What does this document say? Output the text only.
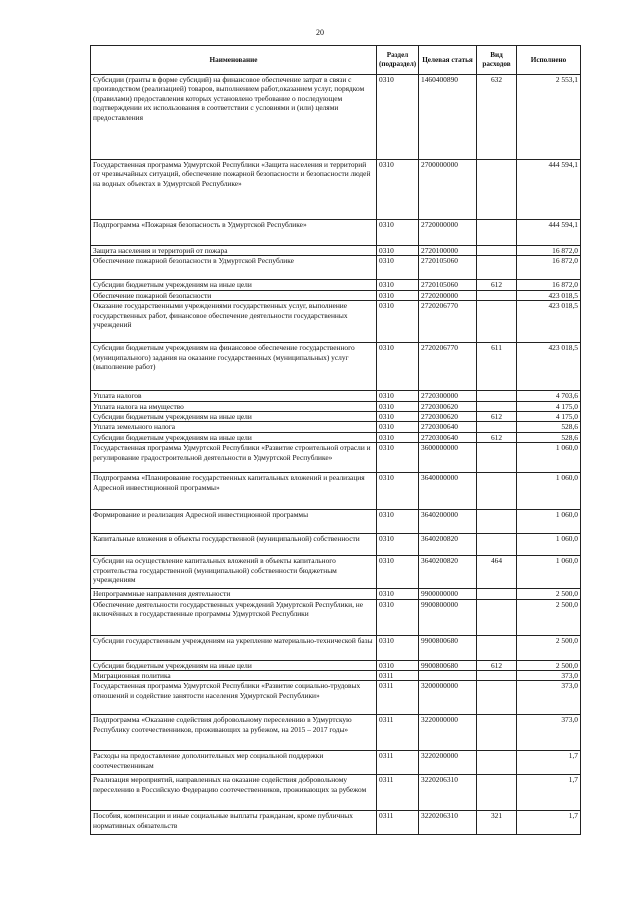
20
Наименование	Раздел (подраздел)	Целевая статья	Вид расходов	Исполнено
Субсидии (гранты в форме субсидий) на финансовое обеспечение затрат в связи с производством (реализацией) товаров, выполнением работ,оказанием услуг, порядком (правилами) предоставления которых установлено требование о последующем подтверждении их использования в соответствии с условиями и (или) целями предоставления	0310	1460400890	632	2 553,1
Государственная программа Удмуртской Республики «Защита населения и территорий от чрезвычайных ситуаций, обеспечение пожарной безопасности и безопасности людей на водных объектах в Удмуртской Республике»	0310	2700000000		444 594,1
Подпрограмма «Пожарная безопасность в Удмуртской Республике»	0310	2720000000		444 594,1
Защита населения и территорий от пожара	0310	2720100000		16 872,0
Обеспечение пожарной безопасности в Удмуртской Республике	0310	2720105060		16 872,0
Субсидии бюджетным учреждениям на иные цели	0310	2720105060	612	16 872,0
Обеспечение пожарной безопасности	0310	2720200000		423 018,5
Оказание государственными учреждениями государственных услуг, выполнение государственных работ, финансовое обеспечение деятельности государственных учреждений	0310	2720206770		423 018,5
Субсидии бюджетным учреждениям на финансовое обеспечение государственного (муниципального) задания на оказание государственных (муниципальных) услуг (выполнение работ)	0310	2720206770	611	423 018,5
Уплата налогов	0310	2720300000		4 703,6
Уплата налога на имущество	0310	2720300620		4 175,0
Субсидии бюджетным учреждениям на иные цели	0310	2720300620	612	4 175,0
Уплата земельного налога	0310	2720300640		528,6
Субсидии бюджетным учреждениям на иные цели	0310	2720300640	612	528,6
Государственная программа Удмуртской Республики «Развитие строительной отрасли и регулирование градостроительной деятельности в Удмуртской Республике»	0310	3600000000		1 060,0
Подпрограмма «Планирование государственных капитальных вложений и реализация Адресной инвестиционной программы»	0310	3640000000		1 060,0
Формирование и реализация Адресной инвестиционной программы	0310	3640200000		1 060,0
Капитальные вложения в объекты государственной (муниципальной) собственности	0310	3640200820		1 060,0
Субсидии на осуществление капитальных вложений в объекты капитального строительства государственной (муниципальной) собственности бюджетным учреждениям	0310	3640200820	464	1 060,0
Непрограммные направления деятельности	0310	9900000000		2 500,0
Обеспечение деятельности государственных учреждений Удмуртской Республики, не включённых в государственные программы Удмуртской Республики	0310	9900800000		2 500,0
Субсидии государственным учреждениям на укрепление материально-технической базы	0310	9900800680		2 500,0
Субсидии бюджетным учреждениям на иные цели	0310	9900800680	612	2 500,0
Миграционная политика	0311			373,0
Государственная программа Удмуртской Республики «Развитие социально-трудовых отношений и содействие занятости населения Удмуртской Республики»	0311	3200000000		373,0
Подпрограмма «Оказание содействия добровольному переселению в Удмуртскую Республику соотечественников, проживающих за рубежом, на 2015 – 2017 годы»	0311	3220000000		373,0
Расходы на предоставление дополнительных мер социальной поддержки соотечественникам	0311	3220200000		1,7
Реализация мероприятий, направленных на оказание содействия добровольному переселению в Российскую Федерацию соотечественников, проживающих за рубежом	0311	3220206310		1,7
Пособия, компенсации и иные социальные выплаты гражданам, кроме публичных нормативных обязательств	0311	3220206310	321	1,7
